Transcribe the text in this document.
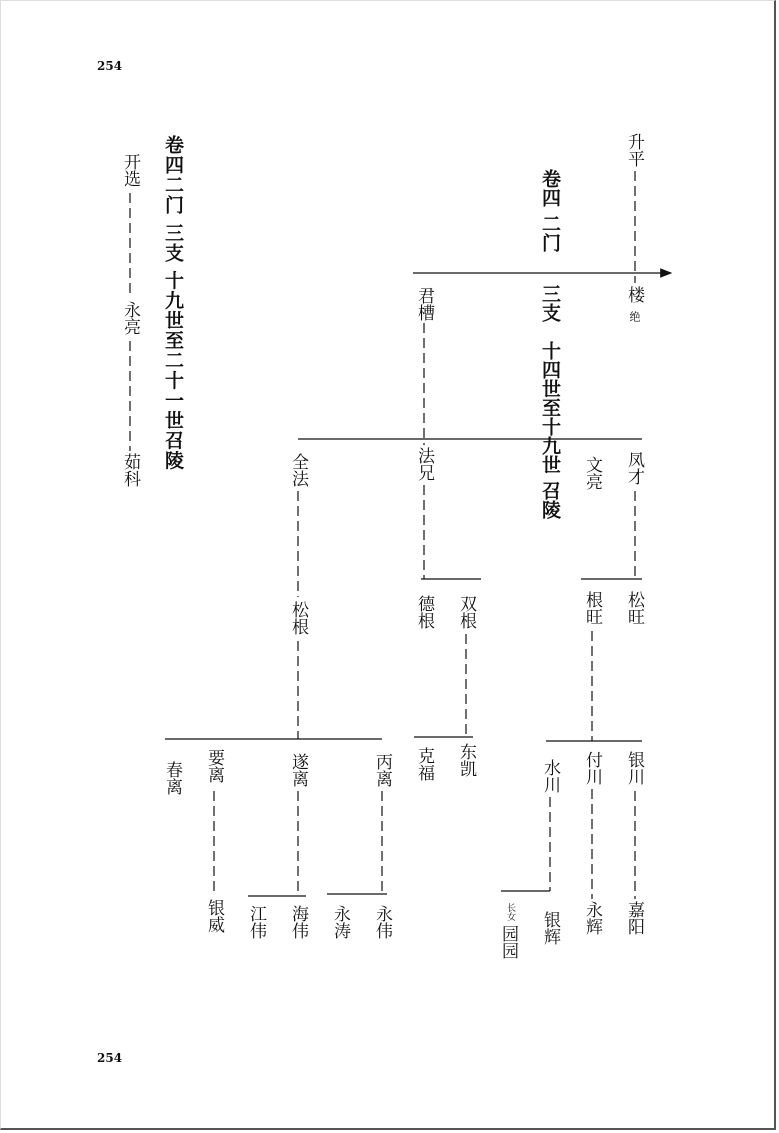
254
254
卷四 二门
三支
十四世至十九世 召陵
升平
楼
绝
君槽
法兄
全法	文亮 凤才
德根 双根	根旺 松旺
松根
克福 东凯	水川 付川 银川
春离 要离	遂离	丙离
银威 江伟 海伟 永涛 永伟	长女
园园 银辉 永辉 嘉阳
卷四二门 三支 十九世至二十一世召陵
开选
永亮
茹科
